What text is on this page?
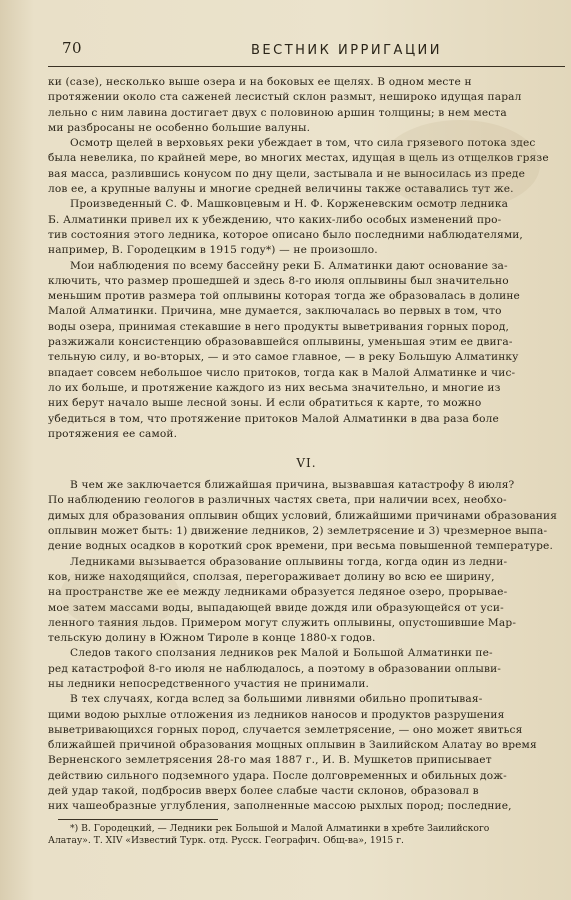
70	ВЕСТНИК ИРРИГАЦИИ
ки (сазе), несколько выше озера и на боковых ее щелях. В одном месте н
протяжении около ста саженей лесистый склон размыт, неширoко идущая парал
лельно с ним лавина достигает двух с половиною аршин толщины; в нем места
ми разбросаны не особенно большие валуны.
Осмотр щелей в верховьях реки убеждает в том, что сила грязевого потока здес
была невелика, по крайней мере, во многих местах, идущая в щель из отщелков грязе
вая масса, разлившись конусом по дну щели, застывала и не выносилась из преде
лов ее, а крупные валуны и многие средней величины также оставались тут же.
Произведенный С. Ф. Машковцевым и Н. Ф. Корженевским осмотр ледника
Б. Алматинки привел их к убеждению, что каких-либо особых изменений про-
тив состояния этого ледника, которое описано было последними наблюдателями,
например, В. Городецким в 1915 году*) — не произошло.
Мои наблюдения по всему бассейну реки Б. Алматинки дают основание за-
ключить, что размер прошедшей и здесь 8-го июля оплывины был значительно
меньшим против размера той оплывины которая тогда же образовалась в долине
Малой Алматинки. Причина, мне думается, заключалась во первых в том, что
воды озера, принимая стекавшие в него продукты выветривания горных пород,
разжижали консистенцию образовавшейся оплывины, уменьшая этим ее двига-
тельную силу, и во-вторых, — и это самое главное, — в реку Большую Алматинку
впадает совсем небольшое число притоков, тогда как в Малой Алматинке и чис-
ло их больше, и протяжение каждого из них весьма значительно, и многие из
них берут начало выше лесной зоны. И если обратиться к карте, то можно
убедиться в том, что протяжение притоков Малой Алматинки в два раза боле
протяжения ее самой.
VI.
В чем же заключается ближайшая причина, вызвавшая катастрофу 8 июля?
По наблюдению геологов в различных частях света, при наличии всех, необхо-
димых для образования оплывин общих условий, ближайшими причинами образования
оплывин может быть: 1) движение ледников, 2) землетрясение и 3) чрезмерное выпа-
дение водных осадков в короткий срок времени, при весьма повышенной температуре.
Ледниками вызывается образование оплывины тогда, когда один из ледни-
ков, ниже находящийся, сползая, перегораживает долину во всю ее ширину,
на пространстве же ее между ледниками образуется ледяное озеро, прорывае-
мое затем массами воды, выпадающей ввиде дождя или образующейся от уси-
ленного таяния льдов. Примером могут служить оплывины, опустошившие Мар-
тельскую долину в Южном Тироле в конце 1880-х годов.
Следов такого сползания ледников рек Малой и Большой Алматинки пе-
ред катастрофой 8-го июля не наблюдалось, а поэтому в образовании оплыви-
ны ледники непосредственного участия не принимали.
В тех случаях, когда вслед за большими ливнями обильно пропитывая-
щими водою рыхлые отложения из ледников наносов и продуктов разрушения
выветривающихся горных пород, случается землетрясение, — оно может явиться
ближайшей причиной образования мощных оплывин в Заилийском Алатау во время
Верненского землетрясения 28-го мая 1887 г., И. В. Мушкетов приписывает
действию сильного подземного удара. После долговременных и обильных дож-
дей удар такой, подбросив вверх более слабые части склонов, образовал в
них чашеобразные углубления, заполненные массою рыхлых пород; последние,
*) В. Городецкий, — Ледники рек Большой и Малой Алматинки в хребте Заилийского
Алатау». Т. XIV «Известий Турк. отд. Русск. Географич. Общ-ва», 1915 г.
